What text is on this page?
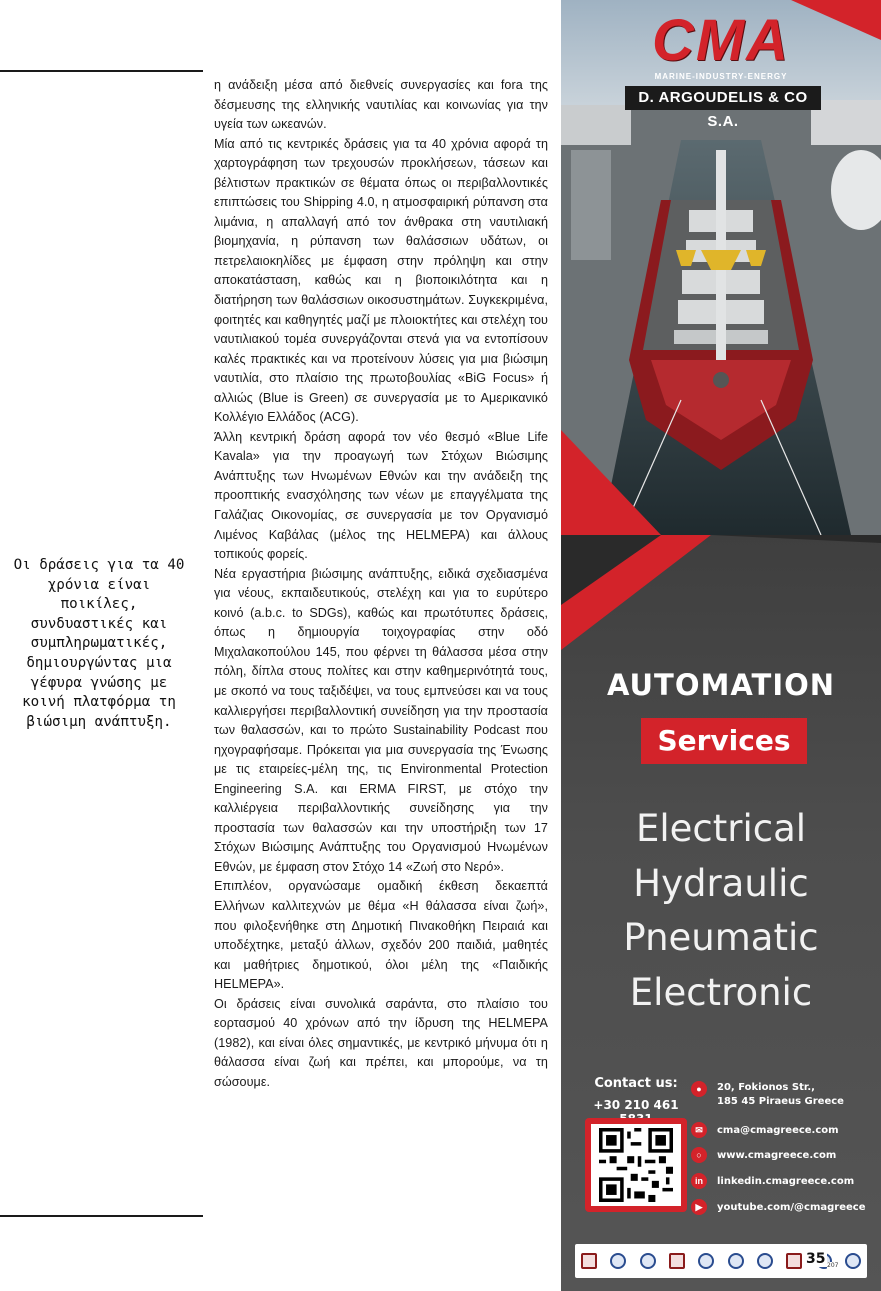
Οι δράσεις για τα 40 χρόνια είναι ποικίλες, συνδυαστικές και συμπληρωματικές, δημιουργώντας μια γέφυρα γνώσης με κοινή πλατφόρμα τη βιώσιμη ανάπτυξη.

η ανάδειξη μέσα από διεθνείς συνεργασίες και fora της δέσμευσης της ελληνικής ναυτιλίας και κοινωνίας για την υγεία των ωκεανών.

Μία από τις κεντρικές δράσεις για τα 40 χρόνια αφορά τη χαρτογράφηση των τρεχουσών προκλήσεων, τάσεων και βέλτιστων πρακτικών σε θέματα όπως οι περιβαλλοντικές επιπτώσεις του Shipping 4.0, η ατμοσφαιρική ρύπανση στα λιμάνια, η απαλλαγή από τον άνθρακα στη ναυτιλιακή βιομηχανία, η ρύπανση των θαλάσσιων υδάτων, οι πετρελαιοκηλίδες με έμφαση στην πρόληψη και στην αποκατάσταση, καθώς και η βιοποικιλότητα και η διατήρηση των θαλάσσιων οικοσυστημάτων. Συγκεκριμένα, φοιτητές και καθηγητές μαζί με πλοιοκτήτες και στελέχη του ναυτιλιακού τομέα συνεργάζονται στενά για να εντοπίσουν καλές πρακτικές και να προτείνουν λύσεις για μια βιώσιμη ναυτιλία, στο πλαίσιο της πρωτοβουλίας «BiG Focus» ή αλλιώς (Blue is Green) σε συνεργασία με το Αμερικανικό Κολλέγιο Ελλάδος (ACG).

Άλλη κεντρική δράση αφορά τον νέο θεσμό «Blue Life Kavala» για την προαγωγή των Στόχων Βιώσιμης Ανάπτυξης των Ηνωμένων Εθνών και την ανάδειξη της προοπτικής ενασχόλησης των νέων με επαγγέλματα της Γαλάζιας Οικονομίας, σε συνεργασία με τον Οργανισμό Λιμένος Καβάλας (μέλος της HELMEPA) και άλλους τοπικούς φορείς.

Νέα εργαστήρια βιώσιμης ανάπτυξης, ειδικά σχεδιασμένα για νέους, εκπαιδευτικούς, στελέχη και για το ευρύτερο κοινό (a.b.c. to SDGs), καθώς και πρωτότυπες δράσεις, όπως η δημιουργία τοιχογραφίας στην οδό Μιχαλακοπούλου 145, που φέρνει τη θάλασσα μέσα στην πόλη, δίπλα στους πολίτες και στην καθημερινότητά τους, με σκοπό να τους ταξιδέψει, να τους εμπνεύσει και να τους καλλιεργήσει περιβαλλοντική συνείδηση για την προστασία των θαλασσών, και το πρώτο Sustainability Podcast που ηχογραφήσαμε. Πρόκειται για μια συνεργασία της Ένωσης με τις εταιρείες-μέλη της, τις Environmental Protection Engineering S.A. και ERMA FIRST, με στόχο την καλλιέργεια περιβαλλοντικής συνείδησης για την προστασία των θαλασσών και την υποστήριξη των 17 Στόχων Βιώσιμης Ανάπτυξης του Οργανισμού Ηνωμένων Εθνών, με έμφαση στον Στόχο 14 «Ζωή στο Νερό».

Επιπλέον, οργανώσαμε ομαδική έκθεση δεκαεπτά Ελλήνων καλλιτεχνών με θέμα «Η θάλασσα είναι ζωή», που φιλοξενήθηκε στη Δημοτική Πινακοθήκη Πειραιά και υποδέχτηκε, μεταξύ άλλων, σχεδόν 200 παιδιά, μαθητές και μαθήτριες δημοτικού, όλοι μέλη της «Παιδικής HELMEPA».

Οι δράσεις είναι συνολικά σαράντα, στο πλαίσιο του εορτασμού 40 χρόνων από την ίδρυση της HELMEPA (1982), και είναι όλες σημαντικές, με κεντρικό μήνυμα ότι η θάλασσα είναι ζωή και πρέπει, και μπορούμε, να τη σώσουμε.

CMA
MARINE-INDUSTRY-ENERGY
D. ARGOUDELIS & CO S.A.
AUTOMATION
Services
Electrical
Hydraulic
Pneumatic
Electronic
Contact us:
+30 210 461
●	20, Fokionos Str.,
185 45 Piraeus Greece
✉	cma@cmagreece.com
○	www.cmagreece.com
in	linkedin.cmagreece.com
▶	youtube.com/@cmagreece
35 207
